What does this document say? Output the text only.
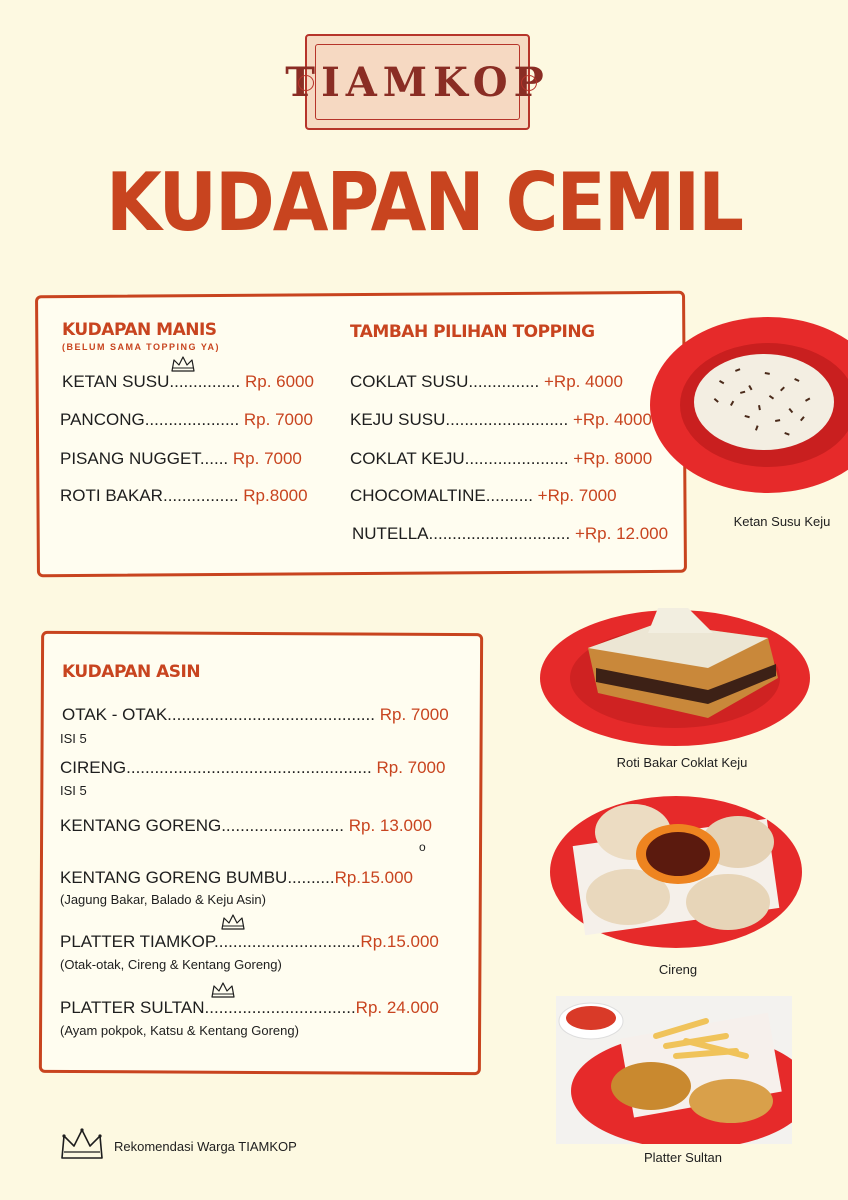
TIAMKOP
KUDAPAN CEMIL
KUDAPAN MANIS
(BELUM SAMA TOPPING YA)
KETAN SUSU............... Rp. 6000
PANCONG.................... Rp. 7000
PISANG NUGGET...... Rp. 7000
ROTI BAKAR................ Rp.8000
TAMBAH PILIHAN TOPPING
COKLAT SUSU............... +Rp. 4000
KEJU SUSU.......................... +Rp. 4000
COKLAT KEJU...................... +Rp. 8000
CHOCOMALTINE.......... +Rp. 7000
NUTELLA.............................. +Rp. 12.000
KUDAPAN ASIN
OTAK - OTAK............................................ Rp. 7000
ISI 5
CIRENG.................................................... Rp. 7000
ISI 5
KENTANG GORENG.......................... Rp. 13.000
o
KENTANG GORENG BUMBU..........Rp.15.000
(Jagung Bakar, Balado & Keju Asin)
PLATTER TIAMKOP...............................Rp.15.000
(Otak-otak, Cireng & Kentang Goreng)
PLATTER SULTAN................................Rp. 24.000
(Ayam pokpok, Katsu & Kentang Goreng)
Ketan Susu Keju
Roti Bakar Coklat Keju
Cireng
Platter Sultan
Rekomendasi Warga TIAMKOP
